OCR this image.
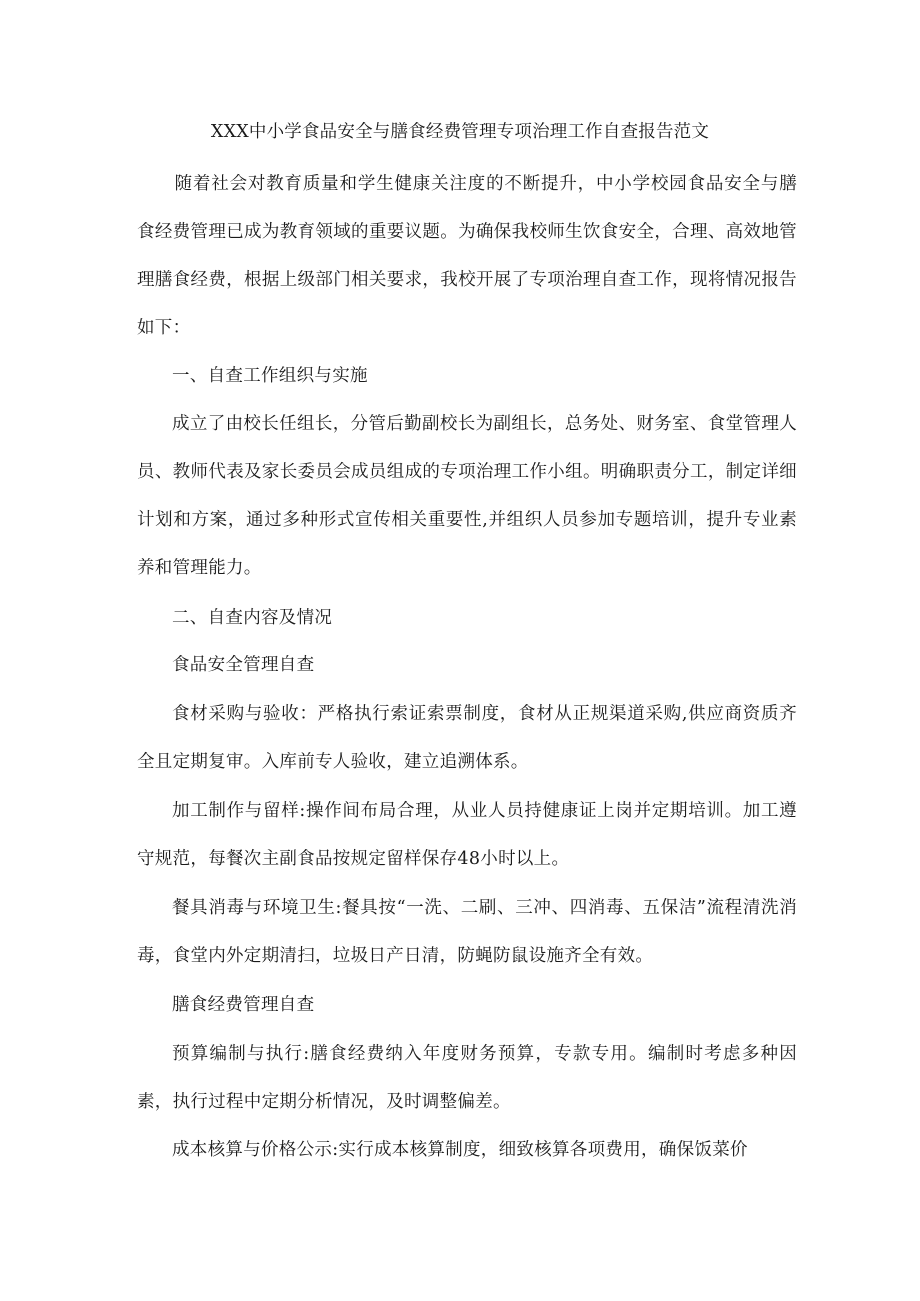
XXX中小学食品安全与膳食经费管理专项治理工作自查报告范文

随着社会对教育质量和学生健康关注度的不断提升，中小学校园食品安全与膳食经费管理已成为教育领域的重要议题。为确保我校师生饮食安全，合理、高效地管理膳食经费，根据上级部门相关要求，我校开展了专项治理自查工作，现将情况报告如下：

一、自查工作组织与实施

成立了由校长任组长，分管后勤副校长为副组长，总务处、财务室、食堂管理人员、教师代表及家长委员会成员组成的专项治理工作小组。明确职责分工，制定详细计划和方案，通过多种形式宣传相关重要性,并组织人员参加专题培训，提升专业素养和管理能力。

二、自查内容及情况

食品安全管理自查

食材采购与验收：严格执行索证索票制度，食材从正规渠道采购,供应商资质齐全且定期复审。入库前专人验收，建立追溯体系。

加工制作与留样:操作间布局合理，从业人员持健康证上岗并定期培训。加工遵守规范，每餐次主副食品按规定留样保存48小时以上。

餐具消毒与环境卫生:餐具按“一洗、二刷、三冲、四消毒、五保洁”流程清洗消毒，食堂内外定期清扫，垃圾日产日清，防蝇防鼠设施齐全有效。

膳食经费管理自查

预算编制与执行:膳食经费纳入年度财务预算，专款专用。编制时考虑多种因素，执行过程中定期分析情况，及时调整偏差。

成本核算与价格公示:实行成本核算制度，细致核算各项费用，确保饭菜价
